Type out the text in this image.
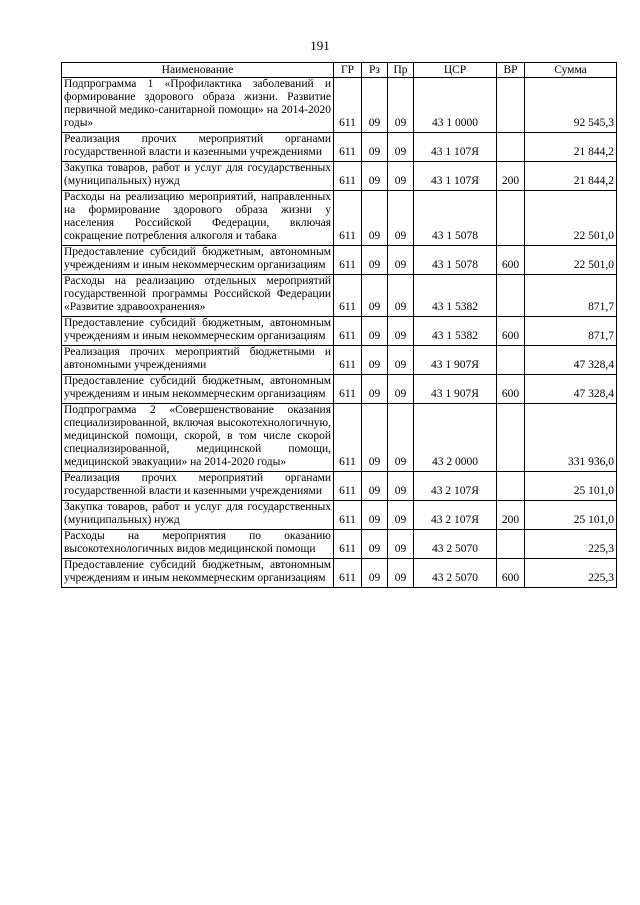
191
Наименование	ГР	Рз	Пр	ЦСР	ВР	Сумма
Подпрограмма 1 «Профилактика заболеваний и формирование здорового образа жизни. Развитие первичной медико-санитарной помощи» на 2014-2020 годы»	611	09	09	43 1 0000		92 545,3
Реализация прочих мероприятий органами государственной власти и казенными учреждениями	611	09	09	43 1 107Я		21 844,2
Закупка товаров, работ и услуг для государственных (муниципальных) нужд	611	09	09	43 1 107Я	200	21 844,2
Расходы на реализацию мероприятий, направленных на формирование здорового образа жизни у населения Российской Федерации, включая сокращение потребления алкоголя и табака	611	09	09	43 1 5078		22 501,0
Предоставление субсидий бюджетным, автономным учреждениям и иным некоммерческим организациям	611	09	09	43 1 5078	600	22 501,0
Расходы на реализацию отдельных мероприятий государственной программы Российской Федерации «Развитие здравоохранения»	611	09	09	43 1 5382		871,7
Предоставление субсидий бюджетным, автономным учреждениям и иным некоммерческим организациям	611	09	09	43 1 5382	600	871,7
Реализация прочих мероприятий бюджетными и автономными учреждениями	611	09	09	43 1 907Я		47 328,4
Предоставление субсидий бюджетным, автономным учреждениям и иным некоммерческим организациям	611	09	09	43 1 907Я	600	47 328,4
Подпрограмма 2 «Совершенствование оказания специализированной, включая высокотехнологичную, медицинской помощи, скорой, в том числе скорой специализированной, медицинской помощи, медицинской эвакуации» на 2014-2020 годы»	611	09	09	43 2 0000		331 936,0
Реализация прочих мероприятий органами государственной власти и казенными учреждениями	611	09	09	43 2 107Я		25 101,0
Закупка товаров, работ и услуг для государственных (муниципальных) нужд	611	09	09	43 2 107Я	200	25 101,0
Расходы на мероприятия по оказанию высокотехнологичных видов медицинской помощи	611	09	09	43 2 5070		225,3
Предоставление субсидий бюджетным, автономным учреждениям и иным некоммерческим организациям	611	09	09	43 2 5070	600	225,3
